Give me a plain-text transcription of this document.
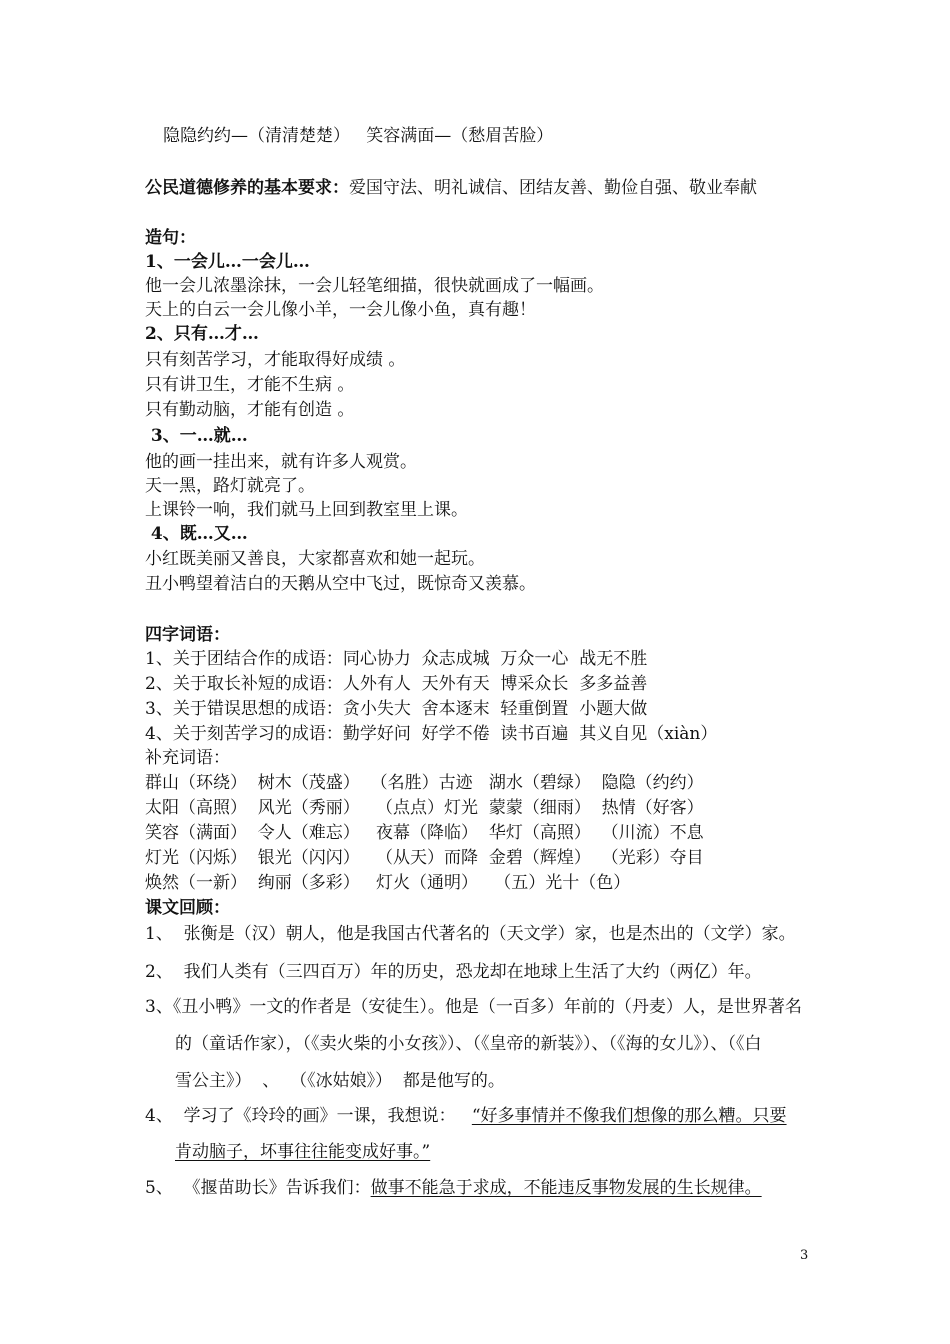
隐隐约约—（清清楚楚）   笑容满面—（愁眉苦脸）
公民道德修养的基本要求：爱国守法、明礼诚信、团结友善、勤俭自强、敬业奉献
造句：
1、一会儿…一会儿…
他一会儿浓墨涂抹，一会儿轻笔细描，很快就画成了一幅画。
天上的白云一会儿像小羊，一会儿像小鱼，真有趣！
2、只有…才…
只有刻苦学习，才能取得好成绩 。
只有讲卫生，才能不生病 。
只有勤动脑，才能有创造 。
3、一…就…
他的画一挂出来，就有许多人观赏。
天一黑，路灯就亮了。
上课铃一响，我们就马上回到教室里上课。
4、既…又…
小红既美丽又善良，大家都喜欢和她一起玩。
丑小鸭望着洁白的天鹅从空中飞过，既惊奇又羡慕。
四字词语：
1、关于团结合作的成语：同心协力  众志成城  万众一心  战无不胜
2、关于取长补短的成语：人外有人  天外有天  博采众长  多多益善
3、关于错误思想的成语：贪小失大  舍本逐末  轻重倒置  小题大做
4、关于刻苦学习的成语：勤学好问  好学不倦  读书百遍  其义自见（xiàn）
补充词语：
群山（环绕）  树木（茂盛）  （名胜）古迹   湖水（碧绿）  隐隐（约约）
太阳（高照）  风光（秀丽）   （点点）灯光  蒙蒙（细雨）  热情（好客）
笑容（满面）  令人（难忘）   夜幕（降临）  华灯（高照）  （川流）不息
灯光（闪烁）  银光（闪闪）   （从天）而降  金碧（辉煌）  （光彩）夺目
焕然（一新）  绚丽（多彩）   灯火（通明）   （五）光十（色）
课文回顾：
1、  张衡是（汉）朝人，他是我国古代著名的（天文学）家，也是杰出的（文学）家。
2、  我们人类有（三四百万）年的历史，恐龙却在地球上生活了大约（两亿）年。
3、《丑小鸭》一文的作者是（安徒生）。他是（一百多）年前的（丹麦）人，是世界著名
的（童话作家），（《卖火柴的小女孩》）、（《皇帝的新装》）、（《海的女儿》）、（《白
雪公主》）  、  （《冰姑娘》）  都是他写的。
4、  学习了《玲玲的画》一课，我想说：   “好多事情并不像我们想像的那么糟。只要
肯动脑子，坏事往往能变成好事。”
5、  《揠苗助长》告诉我们：做事不能急于求成，不能违反事物发展的生长规律。
3
